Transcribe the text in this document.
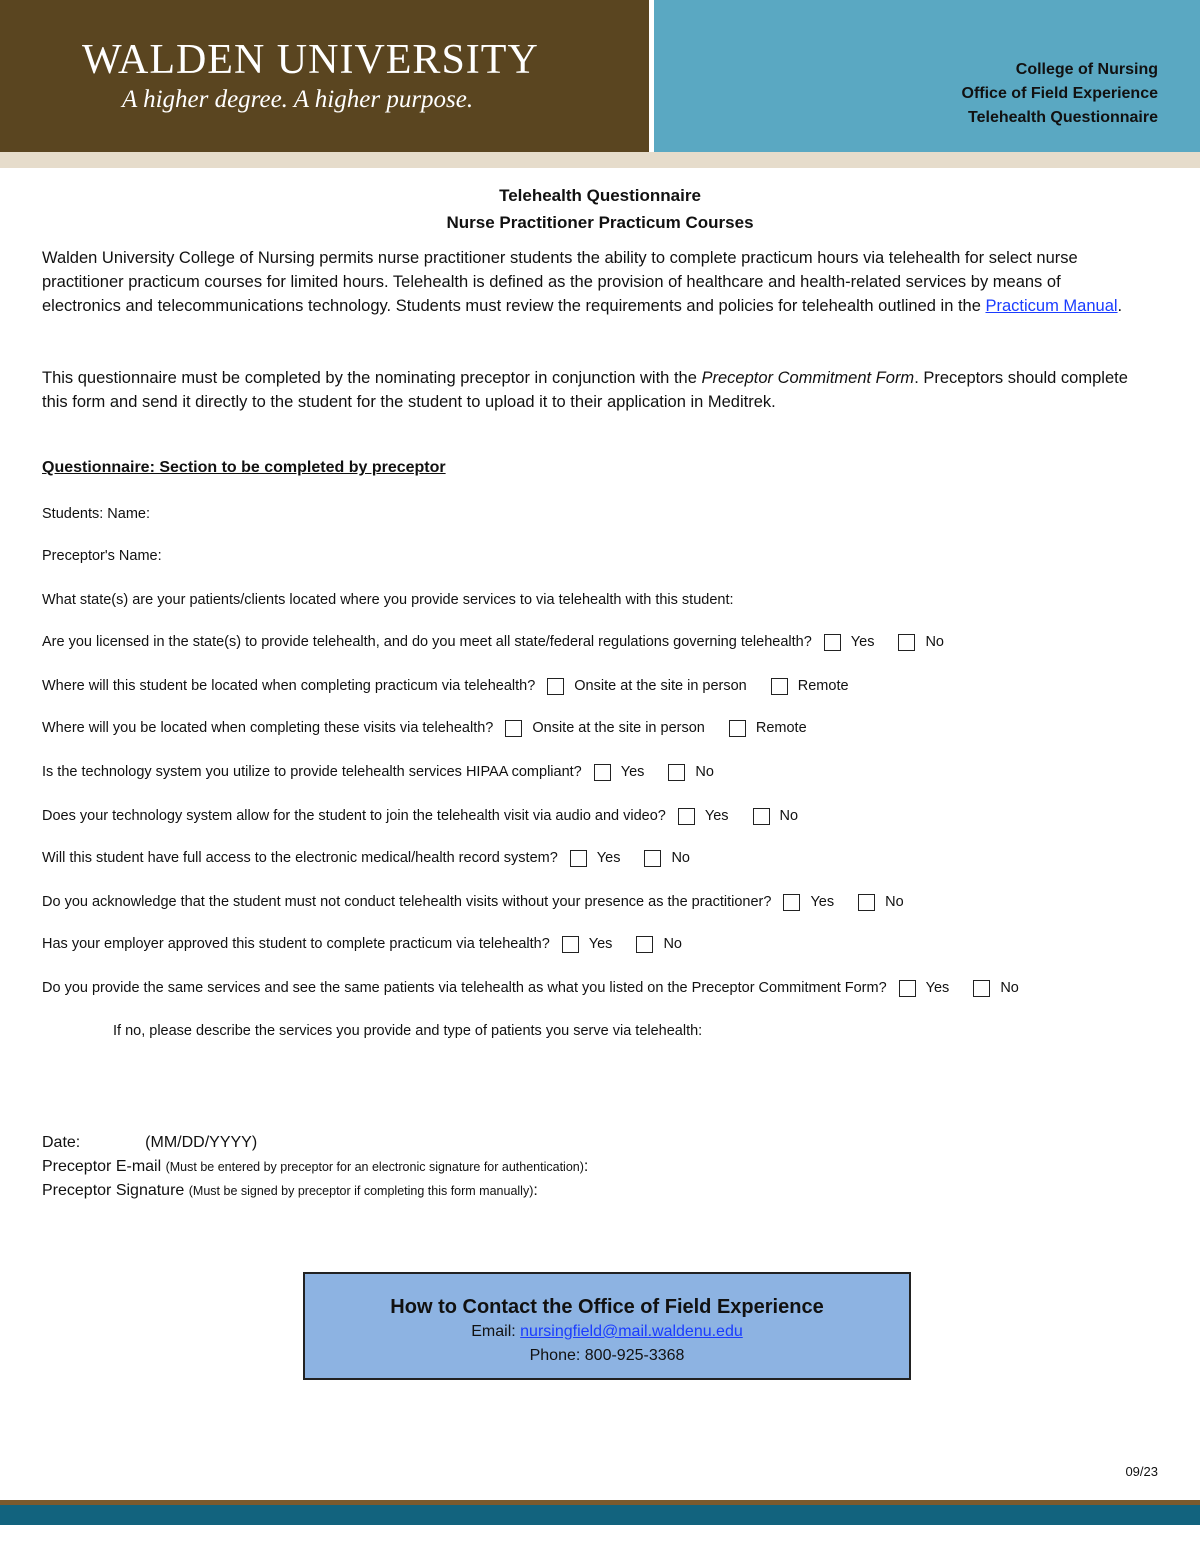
WALDEN UNIVERSITY
A higher degree. A higher purpose.
College of Nursing
Office of Field Experience
Telehealth Questionnaire
Telehealth Questionnaire
Nurse Practitioner Practicum Courses
Walden University College of Nursing permits nurse practitioner students the ability to complete practicum hours via telehealth for select nurse practitioner practicum courses for limited hours. Telehealth is defined as the provision of healthcare and health-related services by means of electronics and telecommunications technology. Students must review the requirements and policies for telehealth outlined in the Practicum Manual.
This questionnaire must be completed by the nominating preceptor in conjunction with the Preceptor Commitment Form. Preceptors should complete this form and send it directly to the student for the student to upload it to their application in Meditrek.
Questionnaire: Section to be completed by preceptor
Students: Name:
Preceptor's Name:
What state(s) are your patients/clients located where you provide services to via telehealth with this student:
Are you licensed in the state(s) to provide telehealth, and do you meet all state/federal regulations governing telehealth?	Yes	No
Where will this student be located when completing practicum via telehealth?	Onsite at the site in person	Remote
Where will you be located when completing these visits via telehealth?	Onsite at the site in person	Remote
Is the technology system you utilize to provide telehealth services HIPAA compliant?	Yes	No
Does your technology system allow for the student to join the telehealth visit via audio and video?	Yes	No
Will this student have full access to the electronic medical/health record system?	Yes	No
Do you acknowledge that the student must not conduct telehealth visits without your presence as the practitioner?	Yes	No
Has your employer approved this student to complete practicum via telehealth?	Yes	No
Do you provide the same services and see the same patients via telehealth as what you listed on the Preceptor Commitment Form?	Yes	No
If no, please describe the services you provide and type of patients you serve via telehealth:
Date:	(MM/DD/YYYY)
Preceptor E-mail (Must be entered by preceptor for an electronic signature for authentication):
Preceptor Signature (Must be signed by preceptor if completing this form manually):
How to Contact the Office of Field Experience
Email: nursingfield@mail.waldenu.edu
Phone: 800-925-3368
09/23
